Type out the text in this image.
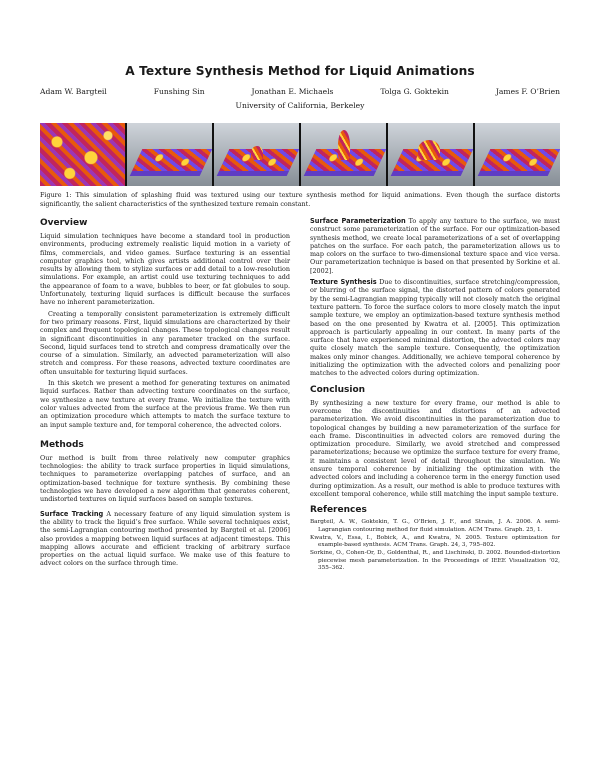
A Texture Synthesis Method for Liquid Animations
Adam W. Bargteil	Funshing Sin	Jonathan E. Michaels	Tolga G. Goktekin	James F. O’Brien
University of California, Berkeley
Figure 1: This simulation of splashing fluid was textured using our texture synthesis method for liquid animations. Even though the surface distorts significantly, the salient characteristics of the synthesized texture remain constant.
Overview

Liquid simulation techniques have become a standard tool in production environments, producing extremely realistic liquid motion in a variety of films, commercials, and video games. Surface texturing is an essential computer graphics tool, which gives artists additional control over their results by allowing them to stylize surfaces or add detail to a low-resolution simulations. For example, an artist could use texturing techniques to add the appearance of foam to a wave, bubbles to beer, or fat globules to soup. Unfortunately, texturing liquid surfaces is difficult because the surfaces have no inherent parameterization.

Creating a temporally consistent parameterization is extremely difficult for two primary reasons. First, liquid simulations are characterized by their complex and frequent topological changes. These topological changes result in significant discontinuities in any parameter tracked on the surface. Second, liquid surfaces tend to stretch and compress dramatically over the course of a simulation. Similarly, an advected parameterization will also stretch and compress. For these reasons, advected texture coordinates are often unsuitable for texturing liquid surfaces.

In this sketch we present a method for generating textures on animated liquid surfaces. Rather than advecting texture coordinates on the surface, we synthesize a new texture at every frame. We initialize the texture with color values advected from the surface at the previous frame. We then run an optimization procedure which attempts to match the surface texture to an input sample texture and, for temporal coherence, the advected colors.

Methods

Our method is built from three relatively new computer graphics technologies: the ability to track surface properties in liquid simulations, techniques to parameterize overlapping patches of surface, and an optimization-based technique for texture synthesis. By combining these technologies we have developed a new algorithm that generates coherent, undistorted textures on liquid surfaces based on sample textures.

Surface Tracking A necessary feature of any liquid simulation system is the ability to track the liquid’s free surface. While several techniques exist, the semi-Lagrangian contouring method presented by Bargteil et al. [2006] also provides a mapping between liquid surfaces at adjacent timesteps. This mapping allows accurate and efficient tracking of arbitrary surface properties on the actual liquid surface. We make use of this feature to advect colors on the surface through time.

Surface Parameterization To apply any texture to the surface, we must construct some parameterization of the surface. For our optimization-based synthesis method, we create local parameterizations of a set of overlapping patches on the surface. For each patch, the parameterization allows us to map colors on the surface to two-dimensional texture space and vice versa. Our parameterization technique is based on that presented by Sorkine et al. [2002].

Texture Synthesis Due to discontinuities, surface stretching/compression, or blurring of the surface signal, the distorted pattern of colors generated by the semi-Lagrangian mapping typically will not closely match the original texture pattern. To force the surface colors to more closely match the input sample texture, we employ an optimization-based texture synthesis method based on the one presented by Kwatra et al. [2005]. This optimization approach is particularly appealing in our context. In many parts of the surface that have experienced minimal distortion, the advected colors may quite closely match the sample texture. Consequently, the optimization makes only minor changes. Additionally, we achieve temporal coherence by initializing the optimization with the advected colors and penalizing poor matches to the advected colors during optimization.

Conclusion

By synthesizing a new texture for every frame, our method is able to overcome the discontinuities and distortions of an advected parameterization. We avoid discontinuities in the parameterization due to topological changes by building a new parameterization of the surface for each frame. Discontinuities in advected colors are removed during the optimization procedure. Similarly, we avoid stretched and compressed parameterizations; because we optimize the surface texture for every frame, it maintains a consistent level of detail throughout the simulation. We ensure temporal coherence by initializing the optimization with the advected colors and including a coherence term in the energy function used during optimization. As a result, our method is able to produce textures with excellent temporal coherence, while still matching the input sample texture.

References

Bargteil, A. W., Goktekin, T. G., O’Brien, J. F., and Strain, J. A. 2006. A semi-Lagrangian contouring method for fluid simulation. ACM Trans. Graph. 25, 1.

Kwatra, V., Essa, I., Bobick, A., and Kwatra, N. 2005. Texture optimization for example-based synthesis. ACM Trans. Graph. 24, 3, 795–802.

Sorkine, O., Cohen-Or, D., Goldenthal, R., and Lischinski, D. 2002. Bounded-distortion piecewise mesh parameterization. In the Proceedings of IEEE Visualization ’02, 355–362.
